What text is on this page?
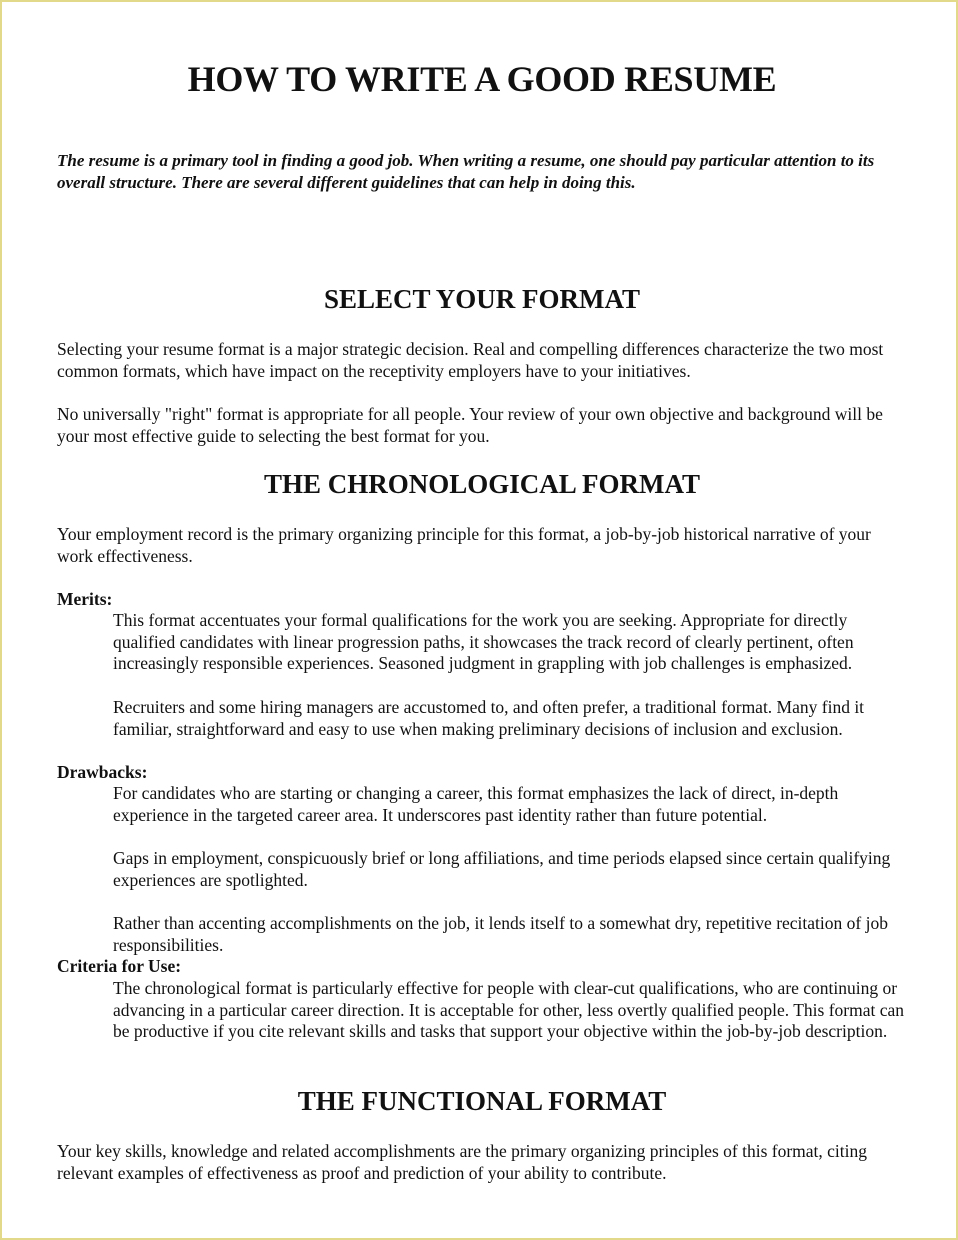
HOW TO WRITE A GOOD RESUME

The resume is a primary tool in finding a good job. When writing a resume, one should pay particular attention to its overall structure. There are several different guidelines that can help in doing this.

SELECT YOUR FORMAT

Selecting your resume format is a major strategic decision. Real and compelling differences characterize the two most common formats, which have impact on the receptivity employers have to your initiatives.

No universally "right" format is appropriate for all people. Your review of your own objective and background will be your most effective guide to selecting the best format for you.

THE CHRONOLOGICAL FORMAT

Your employment record is the primary organizing principle for this format, a job-by-job historical narrative of your work effectiveness.

Merits:

This format accentuates your formal qualifications for the work you are seeking. Appropriate for directly qualified candidates with linear progression paths, it showcases the track record of clearly pertinent, often increasingly responsible experiences. Seasoned judgment in grappling with job challenges is emphasized.

Recruiters and some hiring managers are accustomed to, and often prefer, a traditional format. Many find it familiar, straightforward and easy to use when making preliminary decisions of inclusion and exclusion.

Drawbacks:

For candidates who are starting or changing a career, this format emphasizes the lack of direct, in-depth experience in the targeted career area. It underscores past identity rather than future potential.

Gaps in employment, conspicuously brief or long affiliations, and time periods elapsed since certain qualifying experiences are spotlighted.

Rather than accenting accomplishments on the job, it lends itself to a somewhat dry, repetitive recitation of job responsibilities.

Criteria for Use:

The chronological format is particularly effective for people with clear-cut qualifications, who are continuing or advancing in a particular career direction. It is acceptable for other, less overtly qualified people. This format can be productive if you cite relevant skills and tasks that support your objective within the job-by-job description.

THE FUNCTIONAL FORMAT

Your key skills, knowledge and related accomplishments are the primary organizing principles of this format, citing relevant examples of effectiveness as proof and prediction of your ability to contribute.
